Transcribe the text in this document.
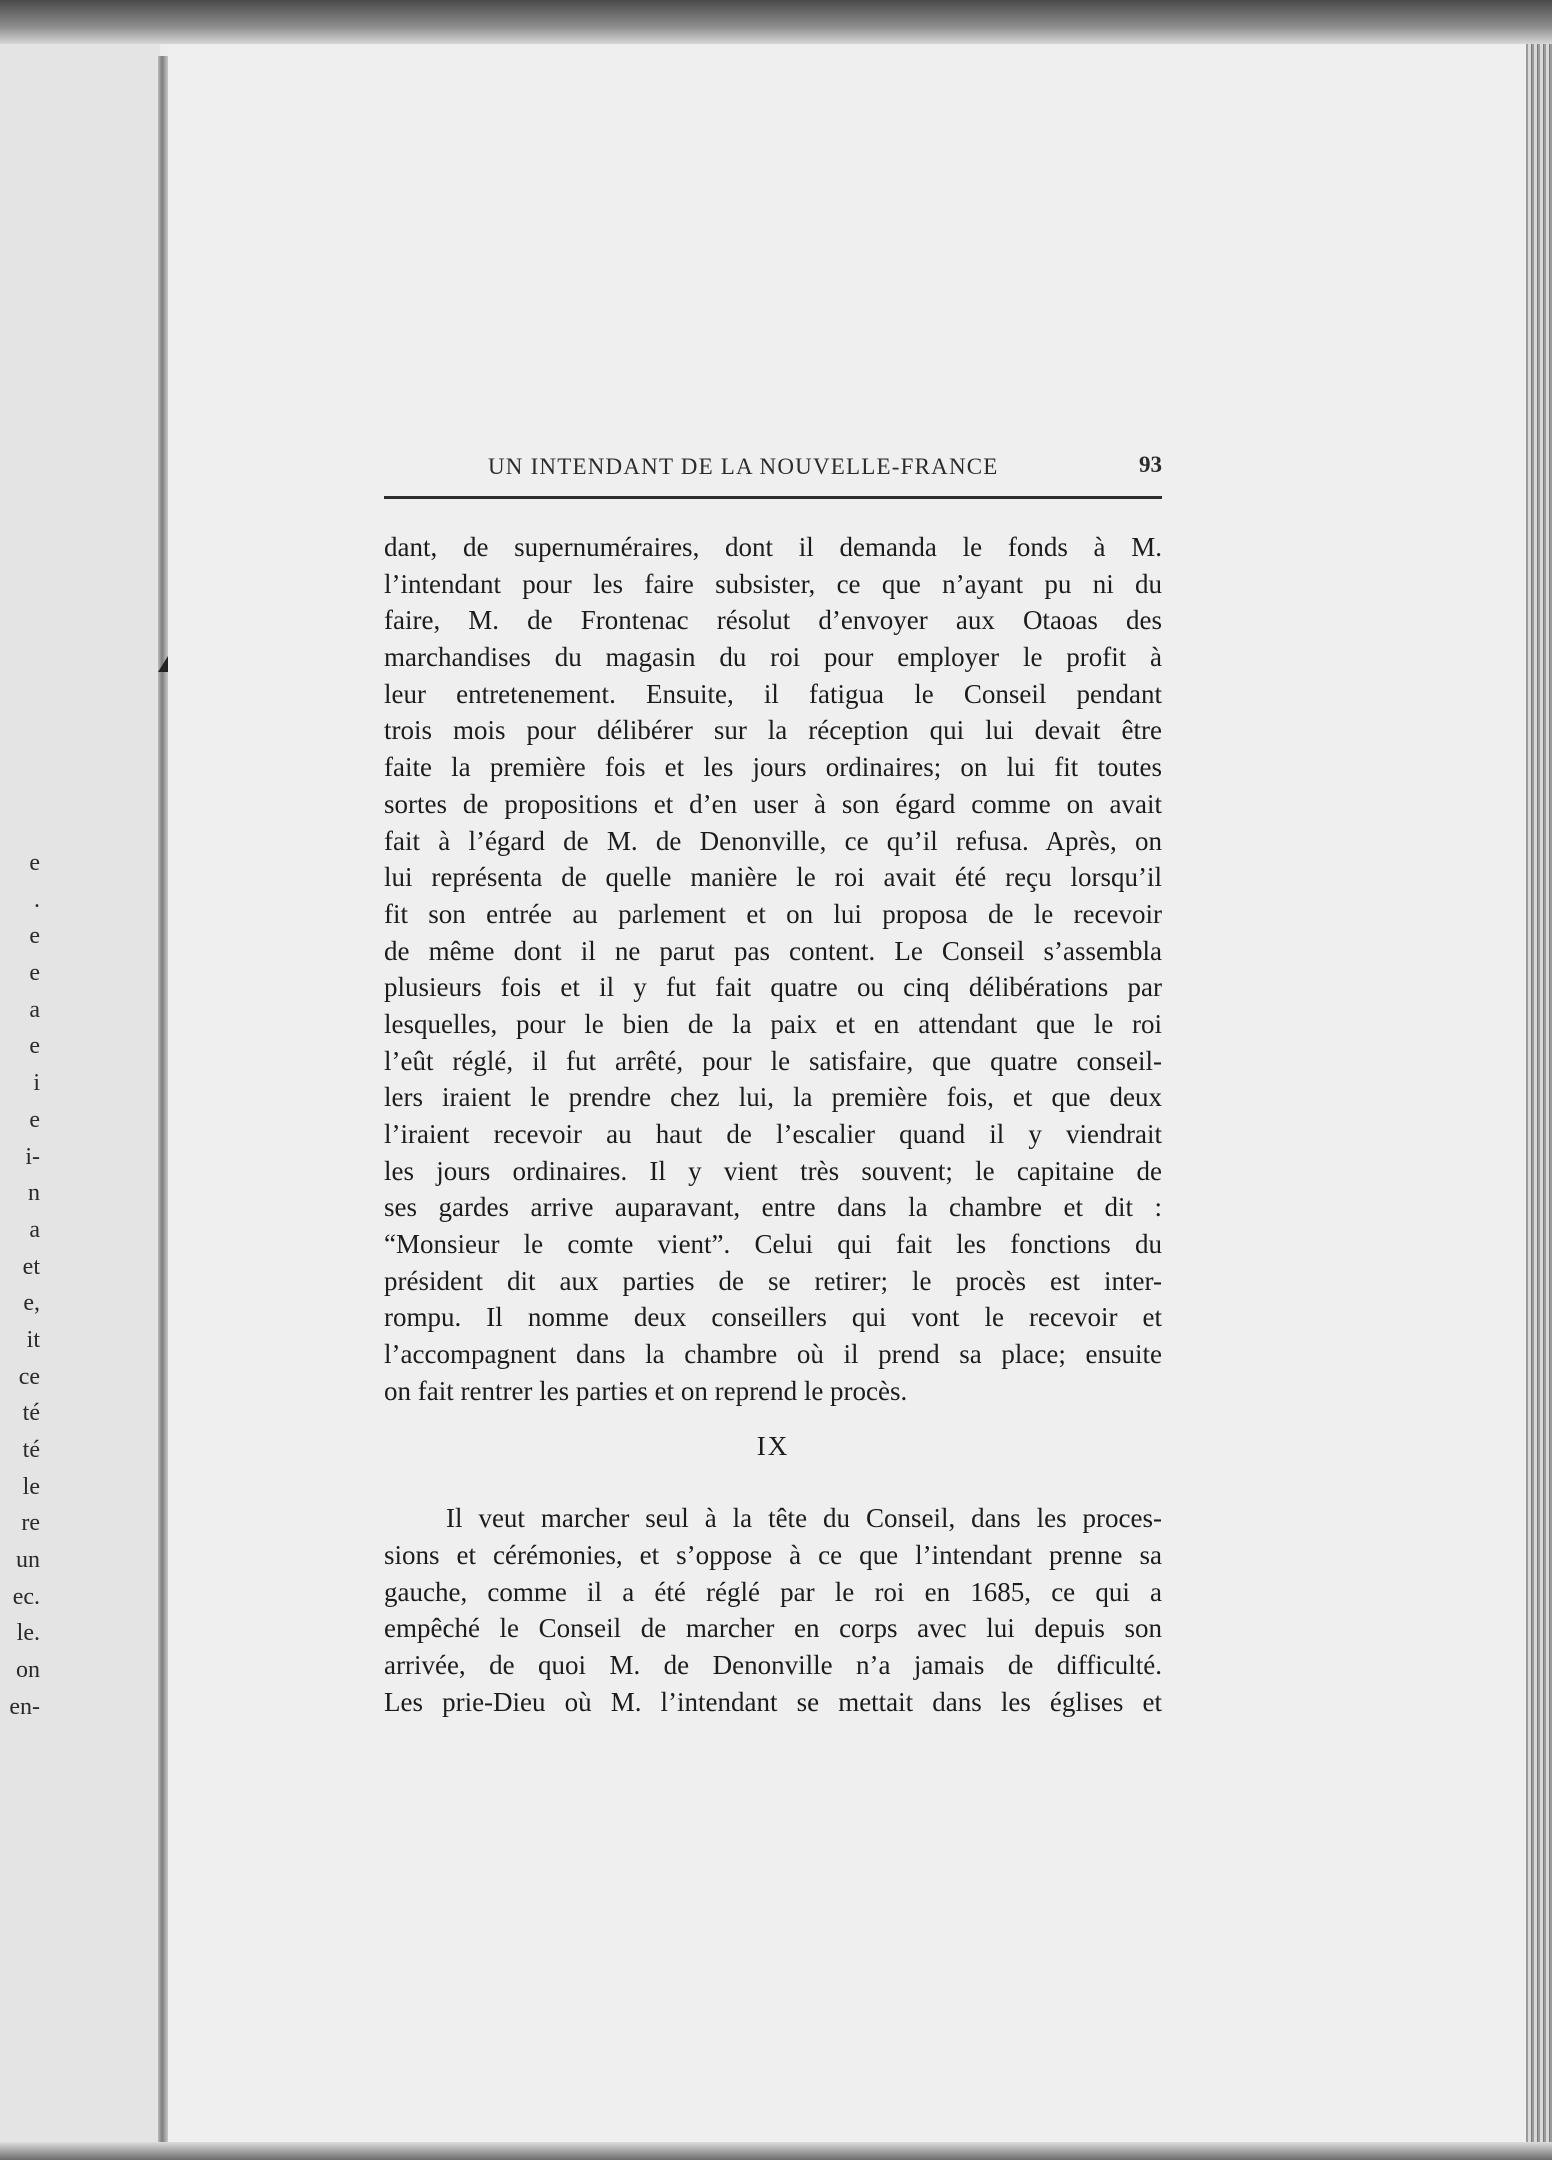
e
.
e
e
a
e
i
e
i-
n
a
et
e,
it
ce
té
té
le
re
un
ec.
le.
on
en-
UN INTENDANT DE LA NOUVELLE-FRANCE	93
dant, de supernuméraires, dont il demanda le fonds à M.
l’intendant pour les faire subsister, ce que n’ayant pu ni du
faire, M. de Frontenac résolut d’envoyer aux Otaoas des
marchandises du magasin du roi pour employer le profit à
leur entretenement. Ensuite, il fatigua le Conseil pendant
trois mois pour délibérer sur la réception qui lui devait être
faite la première fois et les jours ordinaires; on lui fit toutes
sortes de propositions et d’en user à son égard comme on avait
fait à l’égard de M. de Denonville, ce qu’il refusa. Après, on
lui représenta de quelle manière le roi avait été reçu lorsqu’il
fit son entrée au parlement et on lui proposa de le recevoir
de même dont il ne parut pas content. Le Conseil s’assembla
plusieurs fois et il y fut fait quatre ou cinq délibérations par
lesquelles, pour le bien de la paix et en attendant que le roi
l’eût réglé, il fut arrêté, pour le satisfaire, que quatre conseil-
lers iraient le prendre chez lui, la première fois, et que deux
l’iraient recevoir au haut de l’escalier quand il y viendrait
les jours ordinaires. Il y vient très souvent; le capitaine de
ses gardes arrive auparavant, entre dans la chambre et dit :
“Monsieur le comte vient”. Celui qui fait les fonctions du
président dit aux parties de se retirer; le procès est inter-
rompu. Il nomme deux conseillers qui vont le recevoir et
l’accompagnent dans la chambre où il prend sa place; ensuite
on fait rentrer les parties et on reprend le procès.
IX
Il veut marcher seul à la tête du Conseil, dans les proces-
sions et cérémonies, et s’oppose à ce que l’intendant prenne sa
gauche, comme il a été réglé par le roi en 1685, ce qui a
empêché le Conseil de marcher en corps avec lui depuis son
arrivée, de quoi M. de Denonville n’a jamais de difficulté.
Les prie-Dieu où M. l’intendant se mettait dans les églises et
